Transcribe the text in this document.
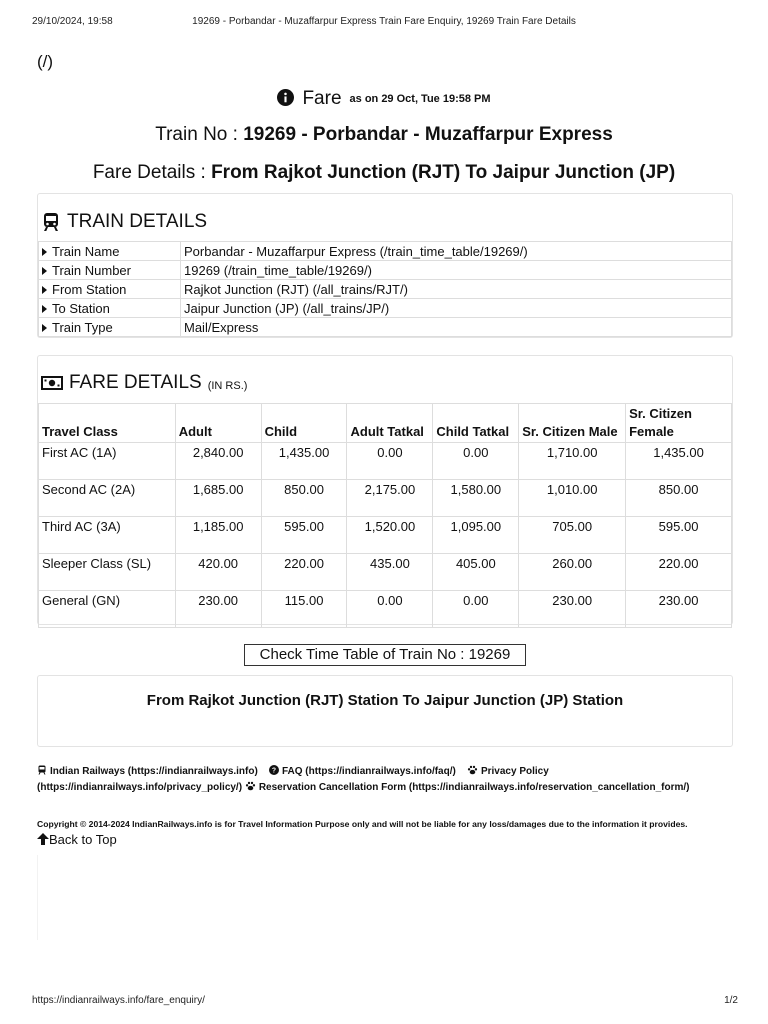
29/10/2024, 19:58	19269 - Porbandar - Muzaffarpur Express Train Fare Enquiry, 19269 Train Fare Details
(/)
Fare as on 29 Oct, Tue 19:58 PM
Train No : 19269 - Porbandar - Muzaffarpur Express
Fare Details : From Rajkot Junction (RJT) To Jaipur Junction (JP)
TRAIN DETAILS
Train Name	Porbandar - Muzaffarpur Express (/train_time_table/19269/)
Train Number	19269 (/train_time_table/19269/)
From Station	Rajkot Junction (RJT) (/all_trains/RJT/)
To Station	Jaipur Junction (JP) (/all_trains/JP/)
Train Type	Mail/Express
FARE DETAILS (IN RS.)
Travel Class	Adult	Child	Adult Tatkal	Child Tatkal	Sr. Citizen Male	Sr. Citizen Female
First AC (1A)	2,840.00	1,435.00	0.00	0.00	1,710.00	1,435.00
Second AC (2A)	1,685.00	850.00	2,175.00	1,580.00	1,010.00	850.00
Third AC (3A)	1,185.00	595.00	1,520.00	1,095.00	705.00	595.00
Sleeper Class (SL)	420.00	220.00	435.00	405.00	260.00	220.00
General (GN)	230.00	115.00	0.00	0.00	230.00	230.00
Check Time Table of Train No : 19269
From Rajkot Junction (RJT) Station To Jaipur Junction (JP) Station
Indian Railways (https://indianrailways.info) ? FAQ (https://indianrailways.info/faq/)	Privacy Policy (https://indianrailways.info/privacy_policy/) Reservation Cancellation Form (https://indianrailways.info/reservation_cancellation_form/)
Copyright © 2014-2024 IndianRailways.info is for Travel Information Purpose only and will not be liable for any loss/damages due to the information it provides.
Back to Top
https://indianrailways.info/fare_enquiry/	1/2
